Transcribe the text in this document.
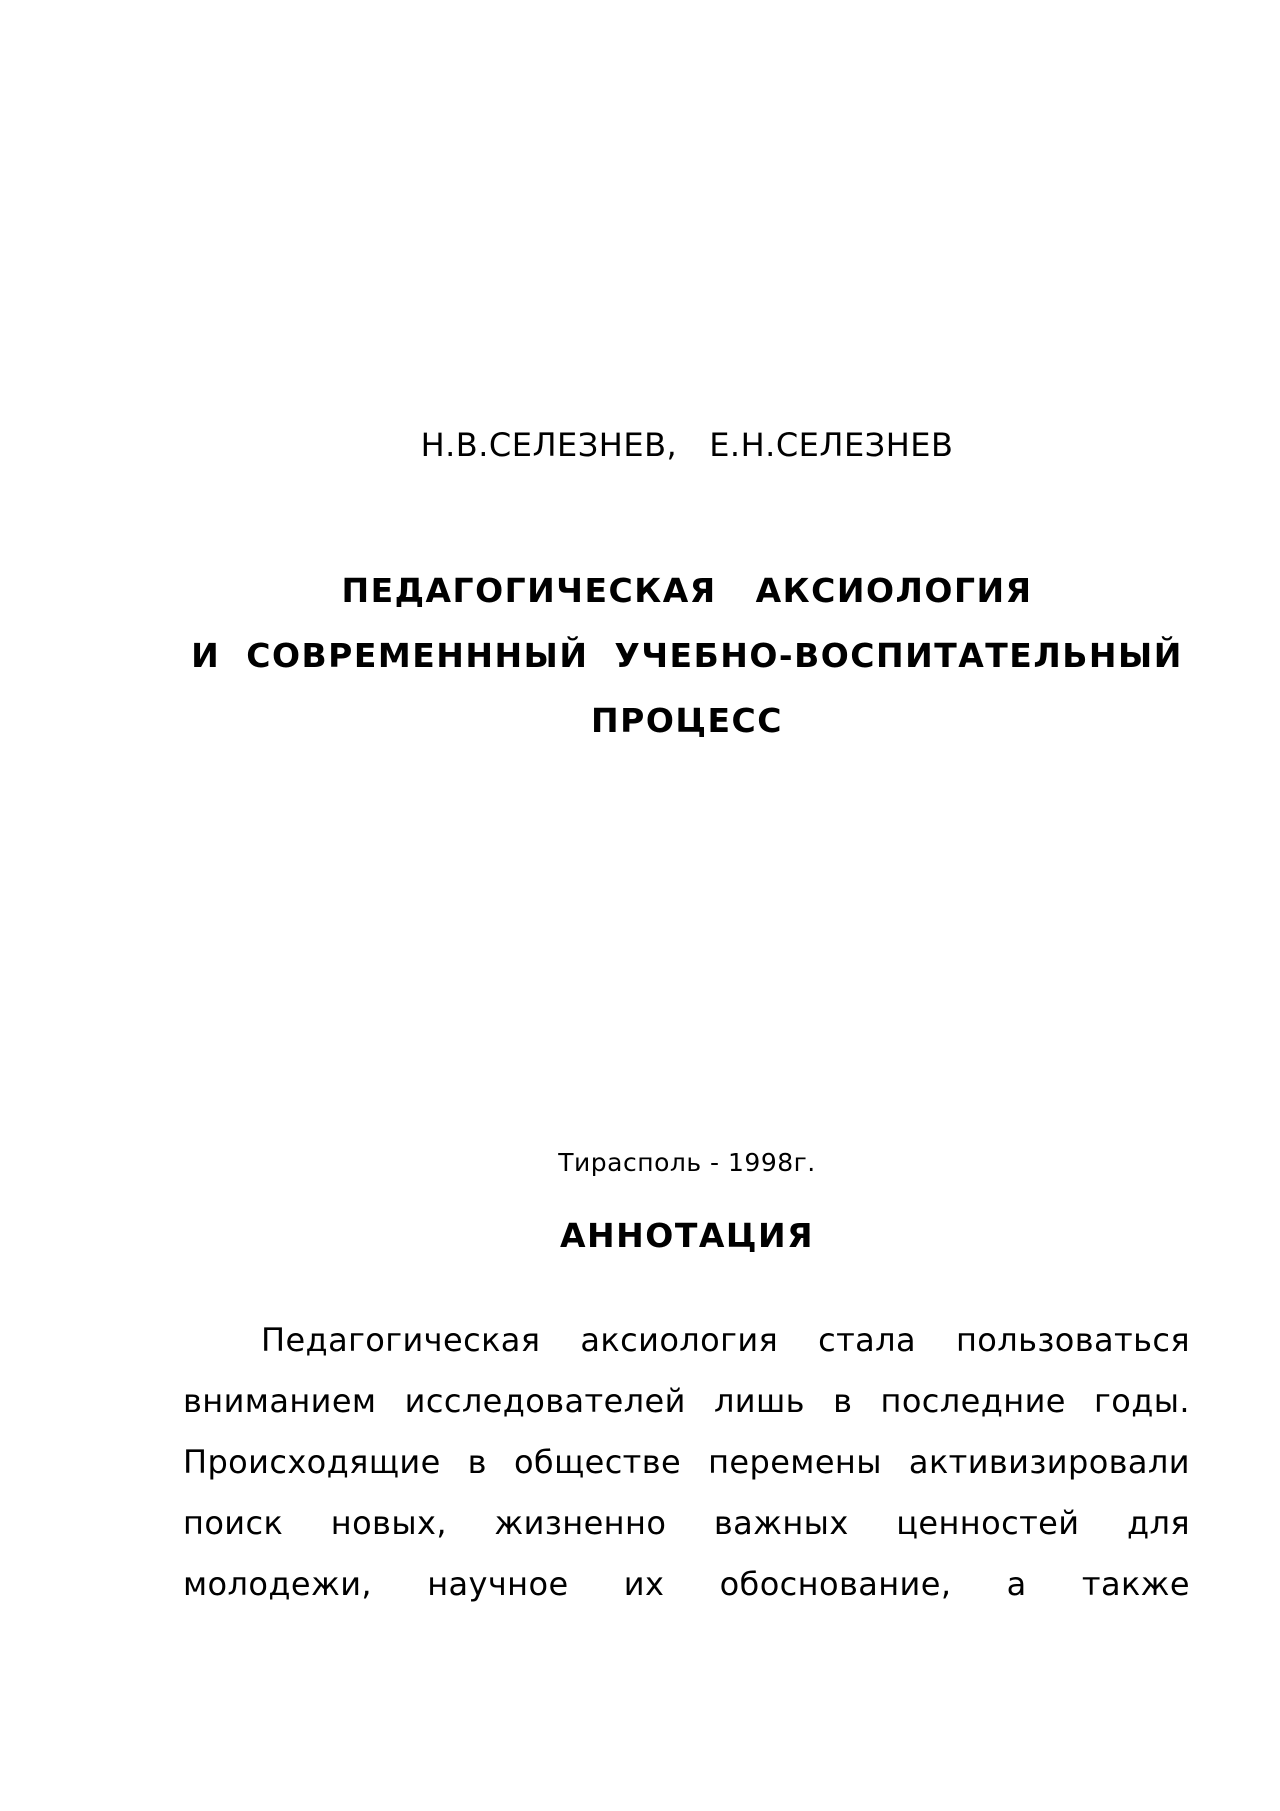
Н.В.СЕЛЕЗНЕВ,   Е.Н.СЕЛЕЗНЕВ
ПЕДАГОГИЧЕСКАЯ   АКСИОЛОГИЯ
И  СОВРЕМЕНННЫЙ  УЧЕБНО-ВОСПИТАТЕЛЬНЫЙ
ПРОЦЕСС
Тирасполь - 1998г.
АННОТАЦИЯ
Педагогическая аксиология стала пользоваться
вниманием исследователей лишь в последние годы.
Происходящие в обществе перемены активизировали
поиск новых, жизненно важных ценностей для
молодежи, научное их обоснование, а также
